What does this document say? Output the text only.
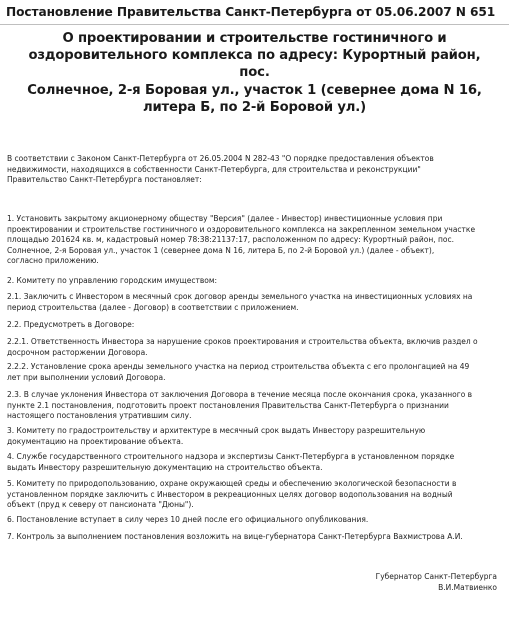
Постановление Правительства Санкт-Петербурга от 05.06.2007 N 651
О проектировании и строительстве гостиничного и
оздоровительного комплекса по адресу: Курортный район, пос.
Солнечное, 2-я Боровая ул., участок 1 (севернее дома N 16,
литера Б, по 2-й Боровой ул.)
В соответствии с Законом Санкт-Петербурга от 26.05.2004 N 282-43 "О порядке предоставления объектов
недвижимости, находящихся в собственности Санкт-Петербурга, для строительства и реконструкции"
Правительство Санкт-Петербурга постановляет:
1. Установить закрытому акционерному обществу "Версия" (далее - Инвестор) инвестиционные условия при
проектировании и строительстве гостиничного и оздоровительного комплекса на закрепленном земельном участке
площадью 201624 кв. м, кадастровый номер 78:38:21137:17, расположенном по адресу: Курортный район, пос.
Солнечное, 2-я Боровая ул., участок 1 (севернее дома N 16, литера Б, по 2-й Боровой ул.) (далее - объект),
согласно приложению.
2. Комитету по управлению городским имуществом:
2.1. Заключить с Инвестором в месячный срок договор аренды земельного участка на инвестиционных условиях на
период строительства (далее - Договор) в соответствии с приложением.
2.2. Предусмотреть в Договоре:
2.2.1. Ответственность Инвестора за нарушение сроков проектирования и строительства объекта, включив раздел о
досрочном расторжении Договора.
2.2.2. Установление срока аренды земельного участка на период строительства объекта с его пролонгацией на 49
лет при выполнении условий Договора.
2.3. В случае уклонения Инвестора от заключения Договора в течение месяца после окончания срока, указанного в
пункте 2.1 постановления, подготовить проект постановления Правительства Санкт-Петербурга о признании
настоящего постановления утратившим силу.
3. Комитету по градостроительству и архитектуре в месячный срок выдать Инвестору разрешительную
документацию на проектирование объекта.
4. Службе государственного строительного надзора и экспертизы Санкт-Петербурга в установленном порядке
выдать Инвестору разрешительную документацию на строительство объекта.
5. Комитету по природопользованию, охране окружающей среды и обеспечению экологической безопасности в
установленном порядке заключить с Инвестором в рекреационных целях договор водопользования на водный
объект (пруд к северу от пансионата "Дюны").
6. Постановление вступает в силу через 10 дней после его официального опубликования.
7. Контроль за выполнением постановления возложить на вице-губернатора Санкт-Петербурга Вахмистрова А.И.
Губернатор Санкт-Петербурга
В.И.Матвиенко
